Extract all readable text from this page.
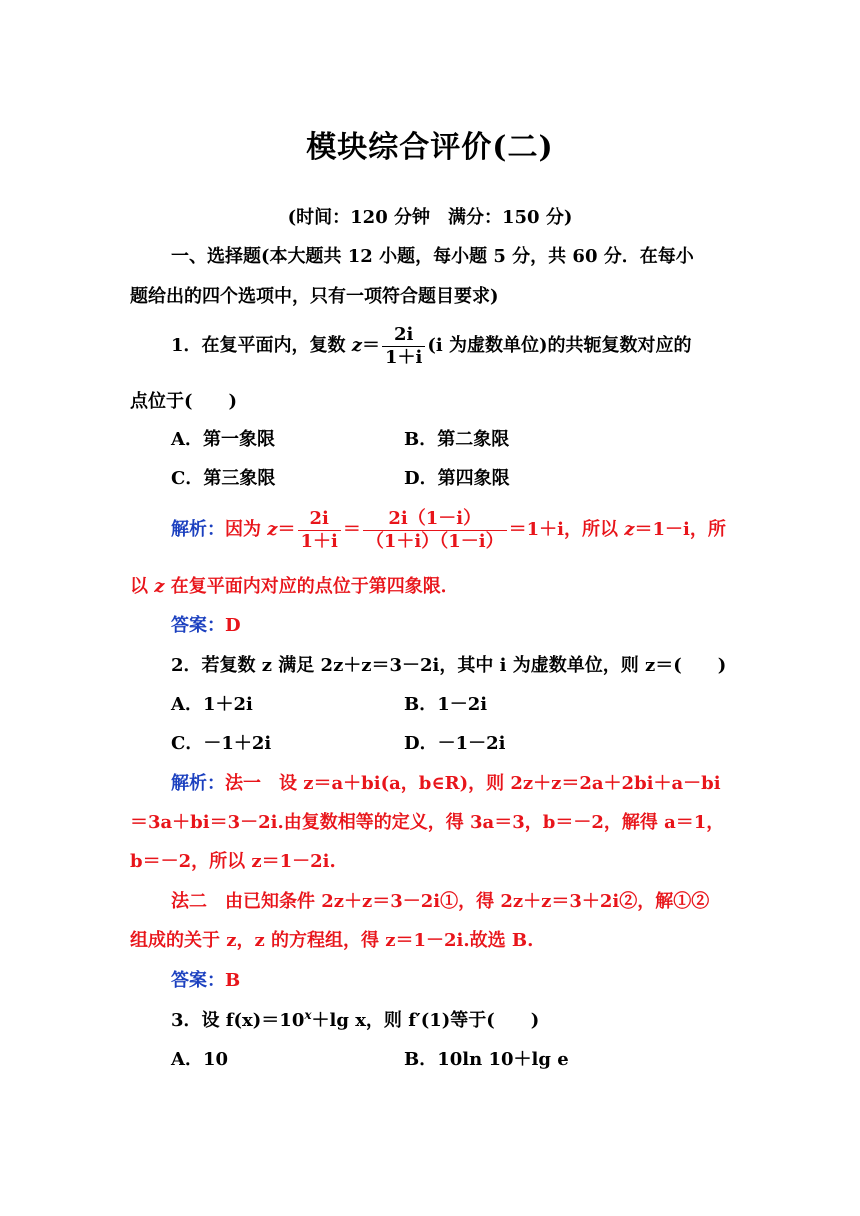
模块综合评价(二)
(时间：120 分钟　满分：150 分)
一、选择题(本大题共 12 小题，每小题 5 分，共 60 分．在每小
题给出的四个选项中，只有一项符合题目要求)
1．在复平面内，复数 $z= \frac{2i}{1+i} (i$ 为虚数单位)的共轭复数对应的
点位于(　　)
A．第一象限	B．第二象限
C．第三象限	D．第四象限
解析：因为 $z= \frac{2i}{1+i} = \frac{2i(1-i)}{(1+i)(1-i)} =1+i$，所以 z＝1－i，所
以 z 在复平面内对应的点位于第四象限．
答案：D
2．若复数 z 满足 2z＋z＝3－2i，其中 i 为虚数单位，则 z＝(　　)
A．1＋2i	B．1－2i
C．－1＋2i	D．－1－2i
解析：法一　设 z＝a＋bi(a，b∈R)，则 2z＋z＝2a＋2bi＋a－bi
＝3a＋bi＝3－2i.由复数相等的定义，得 3a＝3，b＝－2，解得 a＝1，
b＝－2，所以 z＝1－2i.
法二　由已知条件 2z＋z＝3－2i①，得 2z＋z＝3＋2i②，解①②
组成的关于 z，z 的方程组，得 z＝1－2i.故选 B.
答案：B
3．设 $f(x)=10^x+\lg$ x，则 f′(1)等于(　　)
A．10	B．10ln 10＋lg e
